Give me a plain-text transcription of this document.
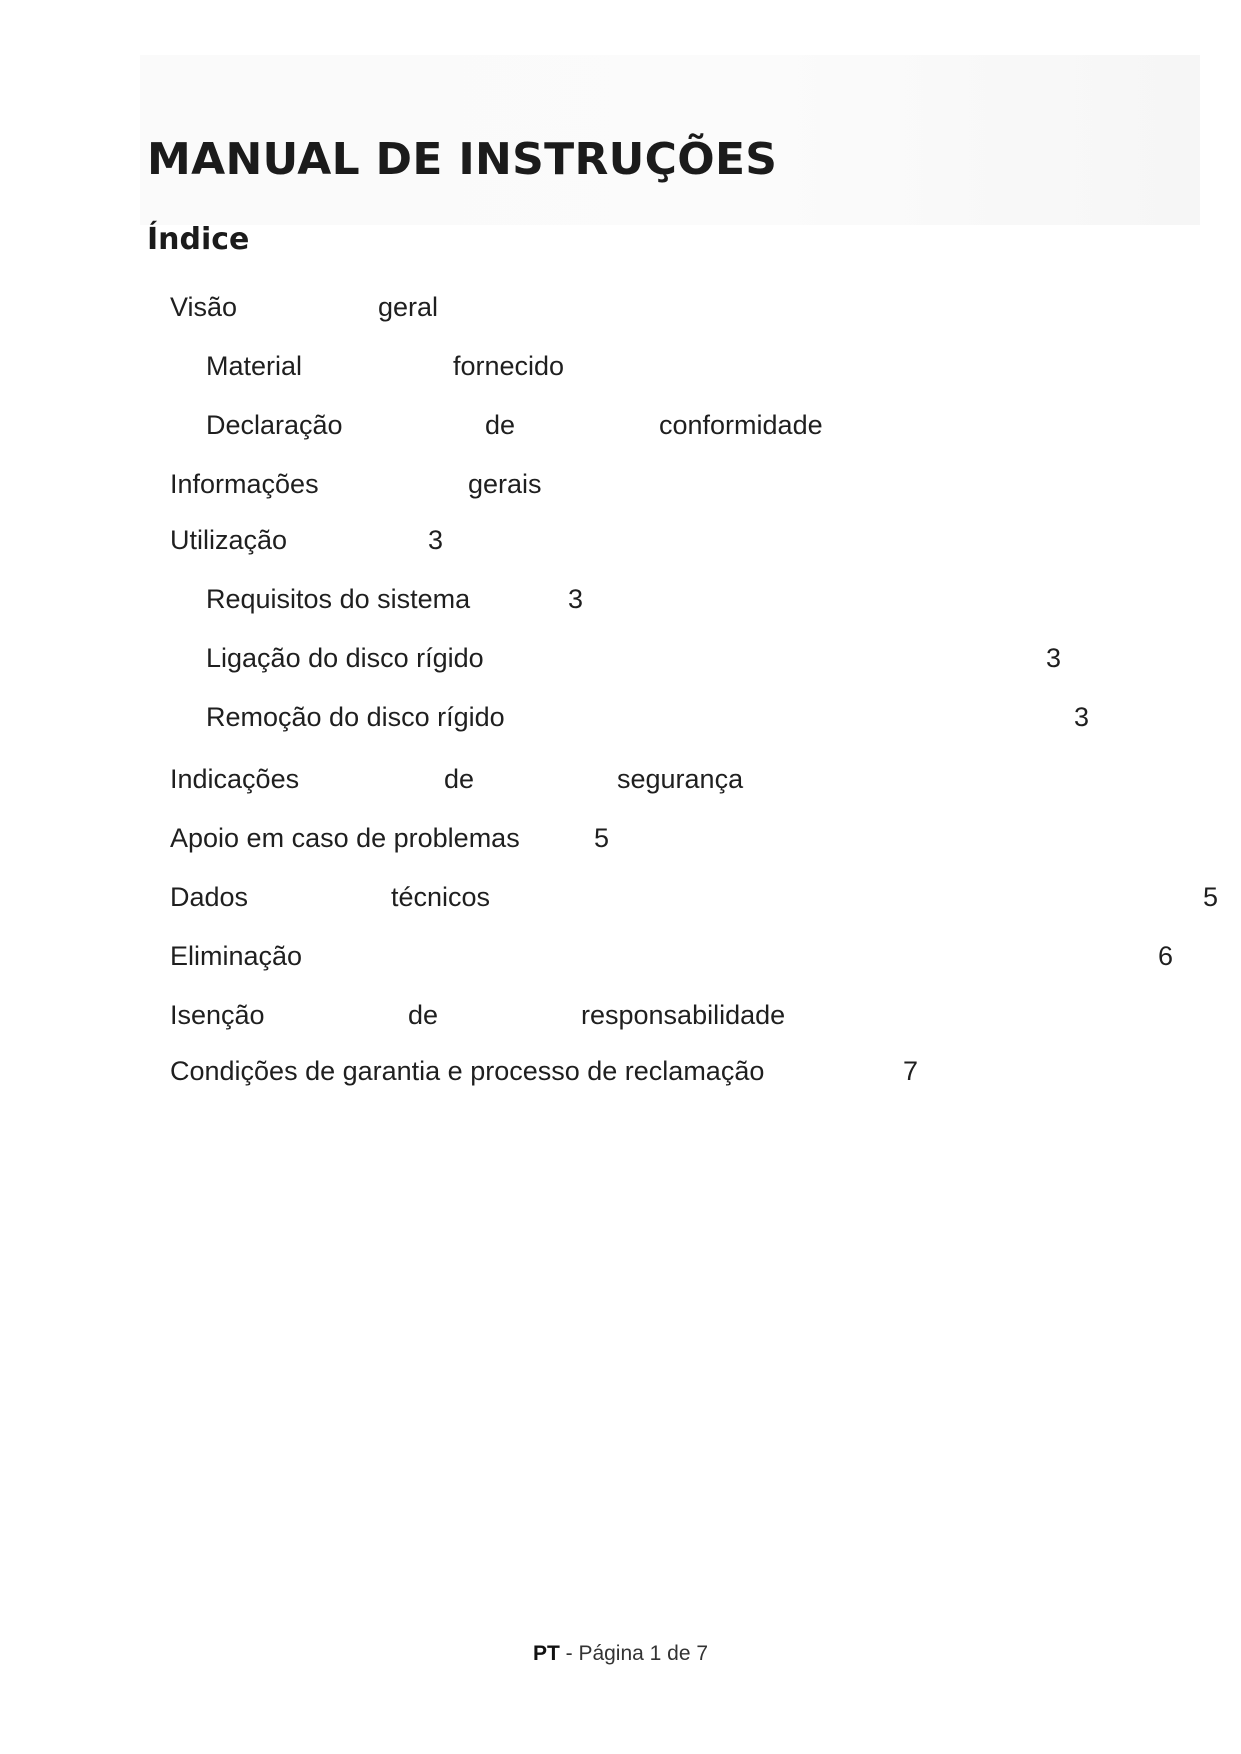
MANUAL DE INSTRUÇÕES
Índice
Visão	geral
Material	fornecido
Declaração	de	conformidade
Informações	gerais
Utilização	3
Requisitos do sistema	3
Ligação do disco rígido	3
Remoção do disco rígido	3
Indicações	de	segurança
Apoio em caso de problemas	5
Dados	técnicos	5
Eliminação	6
Isenção	de	responsabilidade
Condições de garantia e processo de reclamação	7
PT - Página 1 de 7
